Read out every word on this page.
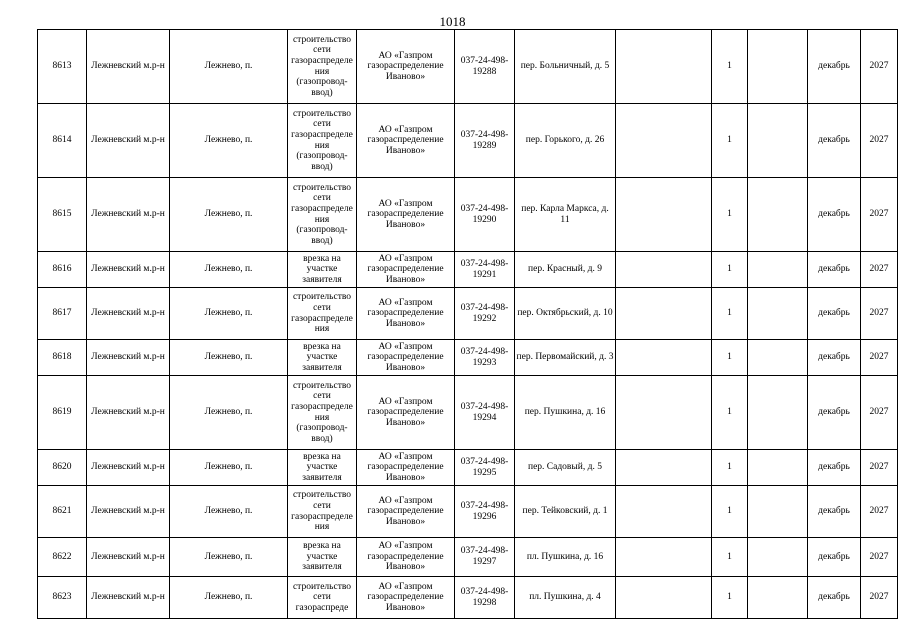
1018
8613	Лежневский м.р-н	Лежнево, п.	строительство сети газораспределения (газопровод-ввод)	АО «Газпром газораспределение Иваново»	037-24-498-19288	пер. Больничный, д. 5		1		декабрь	2027
8614	Лежневский м.р-н	Лежнево, п.	строительство сети газораспределения (газопровод-ввод)	АО «Газпром газораспределение Иваново»	037-24-498-19289	пер. Горького, д. 26		1		декабрь	2027
8615	Лежневский м.р-н	Лежнево, п.	строительство сети газораспределения (газопровод-ввод)	АО «Газпром газораспределение Иваново»	037-24-498-19290	пер. Карла Маркса, д. 11		1		декабрь	2027
8616	Лежневский м.р-н	Лежнево, п.	врезка на участке заявителя	АО «Газпром газораспределение Иваново»	037-24-498-19291	пер. Красный, д. 9		1		декабрь	2027
8617	Лежневский м.р-н	Лежнево, п.	строительство сети газораспределения	АО «Газпром газораспределение Иваново»	037-24-498-19292	пер. Октябрьский, д. 10		1		декабрь	2027
8618	Лежневский м.р-н	Лежнево, п.	врезка на участке заявителя	АО «Газпром газораспределение Иваново»	037-24-498-19293	пер. Первомайский, д. 3		1		декабрь	2027
8619	Лежневский м.р-н	Лежнево, п.	строительство сети газораспределения (газопровод-ввод)	АО «Газпром газораспределение Иваново»	037-24-498-19294	пер. Пушкина, д. 16		1		декабрь	2027
8620	Лежневский м.р-н	Лежнево, п.	врезка на участке заявителя	АО «Газпром газораспределение Иваново»	037-24-498-19295	пер. Садовый, д. 5		1		декабрь	2027
8621	Лежневский м.р-н	Лежнево, п.	строительство сети газораспределения	АО «Газпром газораспределение Иваново»	037-24-498-19296	пер. Тейковский, д. 1		1		декабрь	2027
8622	Лежневский м.р-н	Лежнево, п.	врезка на участке заявителя	АО «Газпром газораспределение Иваново»	037-24-498-19297	пл. Пушкина, д. 16		1		декабрь	2027
8623	Лежневский м.р-н	Лежнево, п.	строительство сети газораспреде	АО «Газпром газораспределение Иваново»	037-24-498-19298	пл. Пушкина, д. 4		1		декабрь	2027
